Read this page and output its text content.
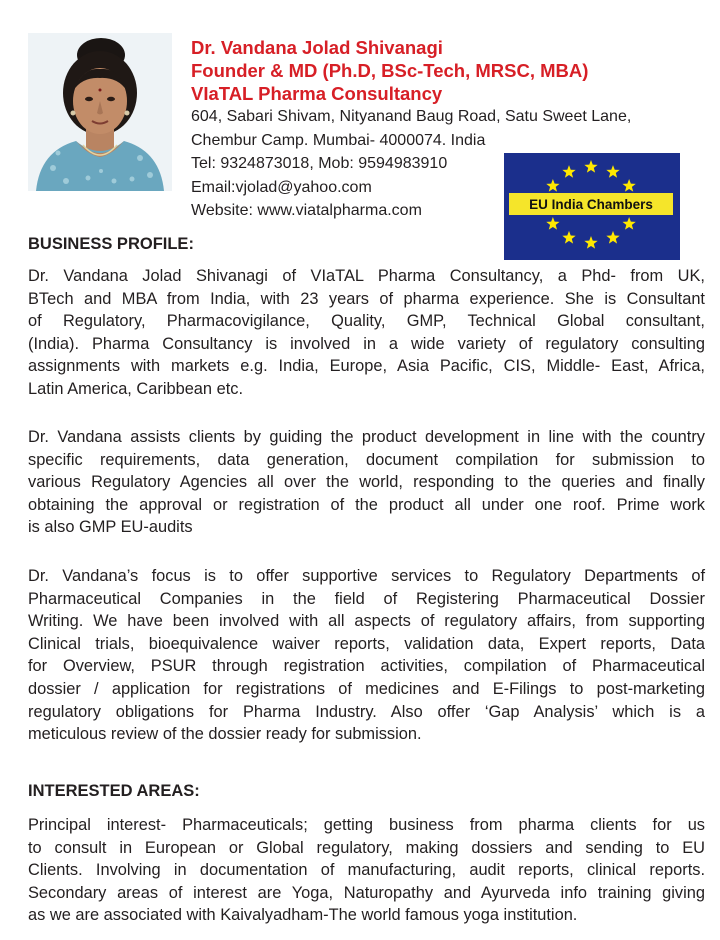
Dr. Vandana Jolad Shivanagi
Founder & MD (Ph.D, BSc-Tech, MRSC, MBA)
VIaTAL Pharma Consultancy
604, Sabari Shivam, Nityanand Baug Road, Satu Sweet Lane,
Chembur Camp. Mumbai- 4000074. India
Tel: 9324873018, Mob: 9594983910
Email:vjolad@yahoo.com
Website: www.viatalpharma.com	EU India Chambers
BUSINESS PROFILE:
Dr. Vandana Jolad Shivanagi of VIaTAL Pharma Consultancy, a Phd- from UK,
BTech and MBA from India, with 23 years of pharma experience. She is Consultant
of Regulatory, Pharmacovigilance, Quality, GMP, Technical Global consultant,
(India). Pharma Consultancy is involved in a wide variety of regulatory consulting
assignments with markets e.g. India, Europe, Asia Pacific, CIS, Middle- East, Africa,
Latin America, Caribbean etc.
Dr. Vandana assists clients by guiding the product development in line with the country
specific requirements, data generation, document compilation for submission to
various Regulatory Agencies all over the world, responding to the queries and finally
obtaining the approval or registration of the product all under one roof. Prime work
is also GMP EU-audits
Dr. Vandana’s focus is to offer supportive services to Regulatory Departments of
Pharmaceutical Companies in the field of Registering Pharmaceutical Dossier
Writing. We have been involved with all aspects of regulatory affairs, from supporting
Clinical trials, bioequivalence waiver reports, validation data, Expert reports, Data
for Overview, PSUR through registration activities, compilation of Pharmaceutical
dossier / application for registrations of medicines and E-Filings to post-marketing
regulatory obligations for Pharma Industry. Also offer ‘Gap Analysis’ which is a
meticulous review of the dossier ready for submission.
INTERESTED AREAS:
Principal interest- Pharmaceuticals; getting business from pharma clients for us
to consult in European or Global regulatory, making dossiers and sending to EU
Clients. Involving in documentation of manufacturing, audit reports, clinical reports.
Secondary areas of interest are Yoga, Naturopathy and Ayurveda info training giving
as we are associated with Kaivalyadham-The world famous yoga institution.
